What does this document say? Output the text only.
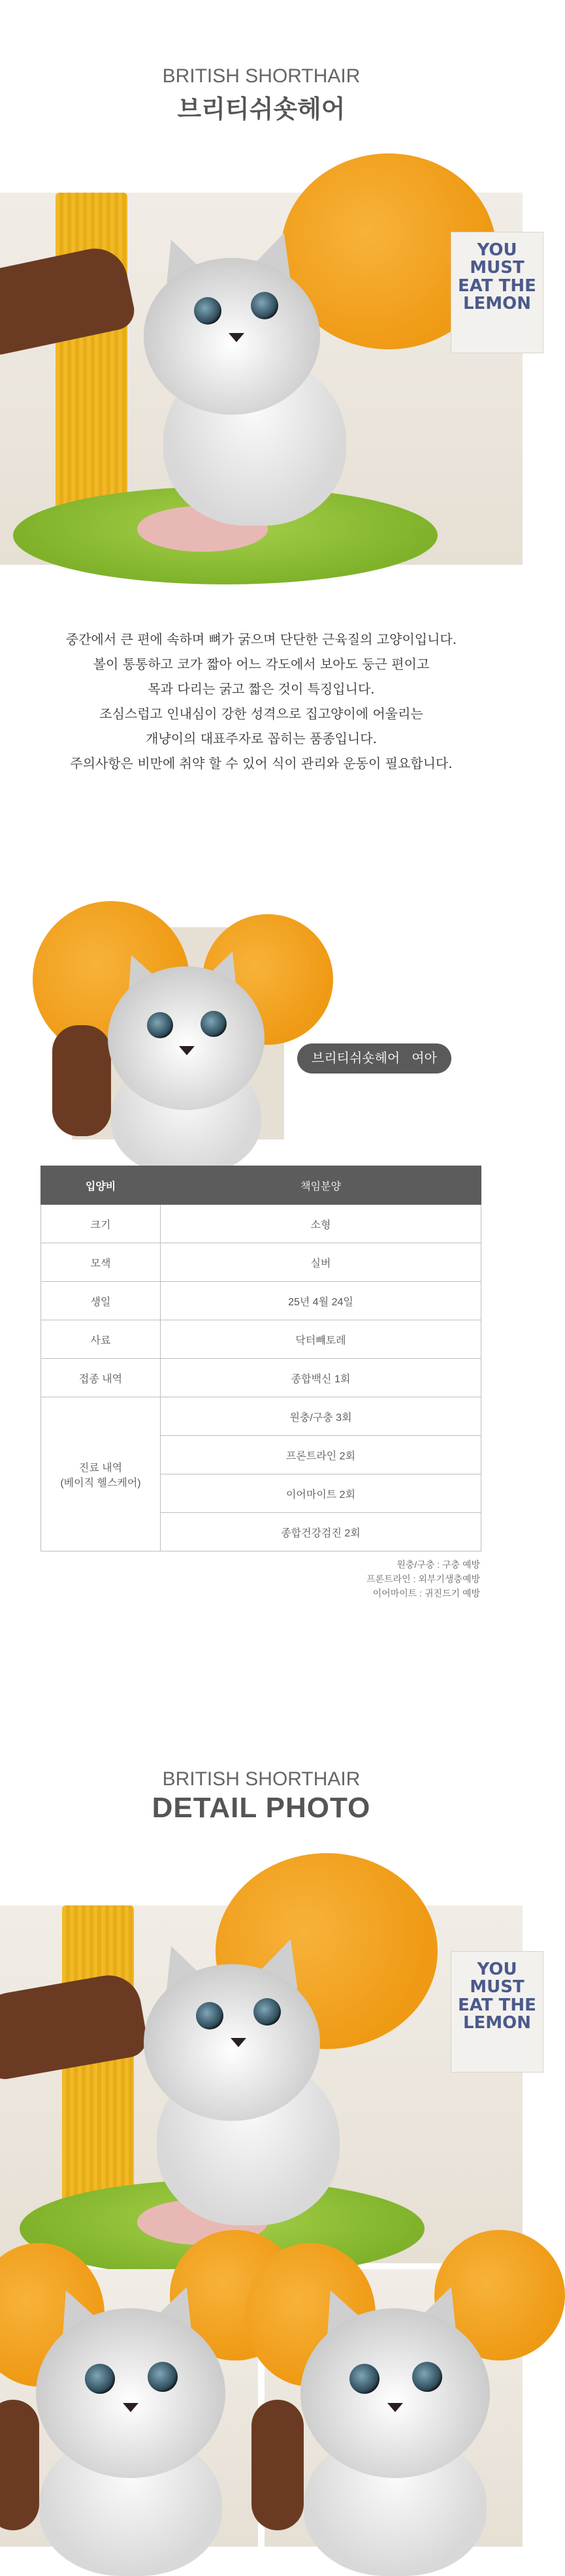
BRITISH SHORTHAIR
브리티쉬숏헤어
YOU MUST EAT THE LEMON

중간에서 큰 편에 속하며 뼈가 굵으며 단단한 근육질의 고양이입니다.

볼이 통통하고 코가 짧아 어느 각도에서 보아도 둥근 편이고

목과 다리는 굵고 짧은 것이 특징입니다.

조심스럽고 인내심이 강한 성격으로 집고양이에 어울리는

개냥이의 대표주자로 꼽히는 품종입니다.

주의사항은 비만에 취약 할 수 있어 식이 관리와 운동이 필요합니다.

브리티쉬숏헤어 여아
입양비	책임분양
크기	소형
모색	실버
생일	25년 4월 24일
사료	닥터뺴토레
접종 내역	종합백신 1회

진료 내역
(베이직 헬스케어)	원충/구충 3회
	프론트라인 2회
	이어마이트 2회
	종합건강검진 2회
원충/구충 : 구충 예방
프론트라인 : 외부기생충예방
이어마이트 : 귀진드기 예방
BRITISH SHORTHAIR
DETAIL PHOTO
YOU MUST EAT THE LEMON
